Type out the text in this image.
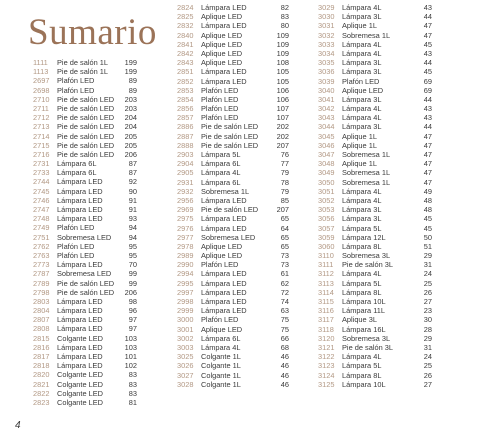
Sumario
1111 Pie de salón 1L	199
1113 Pie de salón 1L	199
2697 Plafón LED	89
2698 Plafón LED	89
2710 Pie de salón LED	203
2711 Pie de salón LED	203
2712 Pie de salón LED	204
2713 Pie de salón LED	204
2714 Pie de salón LED	205
2715 Pie de salón LED	205
2716 Pie de salón LED	206
2731 Lámpara 6L	87
2733 Lámpara 6L	87
2744 Lámpara LED	92
2745 Lámpara LED	90
2746 Lámpara LED	91
2747 Lámpara LED	91
2748 Lámpara LED	93
2749 Plafón LED	94
2751 Sobremesa LED	94
2762 Plafón LED	95
2763 Plafón LED	95
2773 Lámpara LED	70
2787 Sobremesa LED	99
2789 Pie de salón LED	99
2798 Pie de salón LED	206
2803 Lámpara LED	98
2804 Lámpara LED	96
2807 Lámpara LED	97
2808 Lámpara LED	97
2815 Colgante LED	103
2816 Lámpara LED	103
2817 Lámpara LED	101
2818 Lámpara LED	102
2820 Colgante LED	83
2821 Colgante LED	83
2822 Colgante LED	83
2823 Colgante LED	81
2824 Lámpara LED	82
2825 Aplique LED	83
2832 Lámpara LED	80
2840 Aplique LED	109
2841 Aplique LED	109
2842 Aplique LED	109
2843 Aplique LED	108
2851 Lámpara LED	105
2852 Lámpara LED	105
2853 Plafón LED	106
2854 Plafón LED	106
2856 Plafón LED	107
2857 Plafón LED	107
2886 Pie de salón LED	202
2887 Pie de salón LED	202
2888 Pie de salón LED	207
2903 Lámpara 5L	76
2904 Lámpara 6L	77
2905 Lámpara 4L	79
2931 Lámpara 6L	78
2932 Sobremesa 1L	79
2956 Lámpara LED	85
2969 Pie de salón LED	207
2975 Lámpara LED	65
2976 Lámpara LED	64
2977 Sobremesa LED	65
2978 Aplique LED	65
2989 Aplique LED	73
2990 Plafón LED	73
2994 Lámpara LED	61
2995 Lámpara LED	62
2997 Lámpara LED	72
2998 Lámpara LED	74
2999 Lámpara LED	63
3000 Plafón LED	75
3001 Aplique LED	75
3002 Lámpara 6L	66
3003 Lámpara 4L	68
3025 Colgante 1L	46
3026 Colgante 1L	46
3027 Colgante 1L	46
3028 Colgante 1L	46
3029 Lámpara 4L	43
3030 Lámpara 3L	44
3031 Aplique 1L	47
3032 Sobremesa 1L	47
3033 Lámpara 4L	45
3034 Lámpara 4L	43
3035 Lámpara 3L	44
3036 Lámpara 3L	45
3039 Plafón LED	69
3040 Aplique LED	69
3041 Lámpara 3L	44
3042 Lámpara 4L	43
3043 Lámpara 4L	43
3044 Lámpara 3L	44
3045 Aplique 1L	47
3046 Aplique 1L	47
3047 Sobremesa 1L	47
3048 Aplique 1L	47
3049 Sobremesa 1L	47
3050 Sobremesa 1L	47
3051 Lámpara 4L	49
3052 Lámpara 4L	48
3053 Lámpara 3L	48
3056 Lámpara 3L	45
3057 Lámpara 5L	45
3059 Lámpara 12L	50
3060 Lámpara 8L	51
3110 Sobremesa 3L	29
3111 Pie de salón 3L	31
3112 Lámpara 4L	24
3113 Lámpara 5L	25
3114 Lámpara 8L	26
3115 Lámpara 10L	27
3116 Lámpara 11L	23
3117 Aplique 3L	30
3118 Lámpara 16L	28
3120 Sobremesa 3L	29
3121 Pie de salón 3L	31
3122 Lámpara 4L	24
3123 Lámpara 5L	25
3124 Lámpara 8L	26
3125 Lámpara 10L	27
4
